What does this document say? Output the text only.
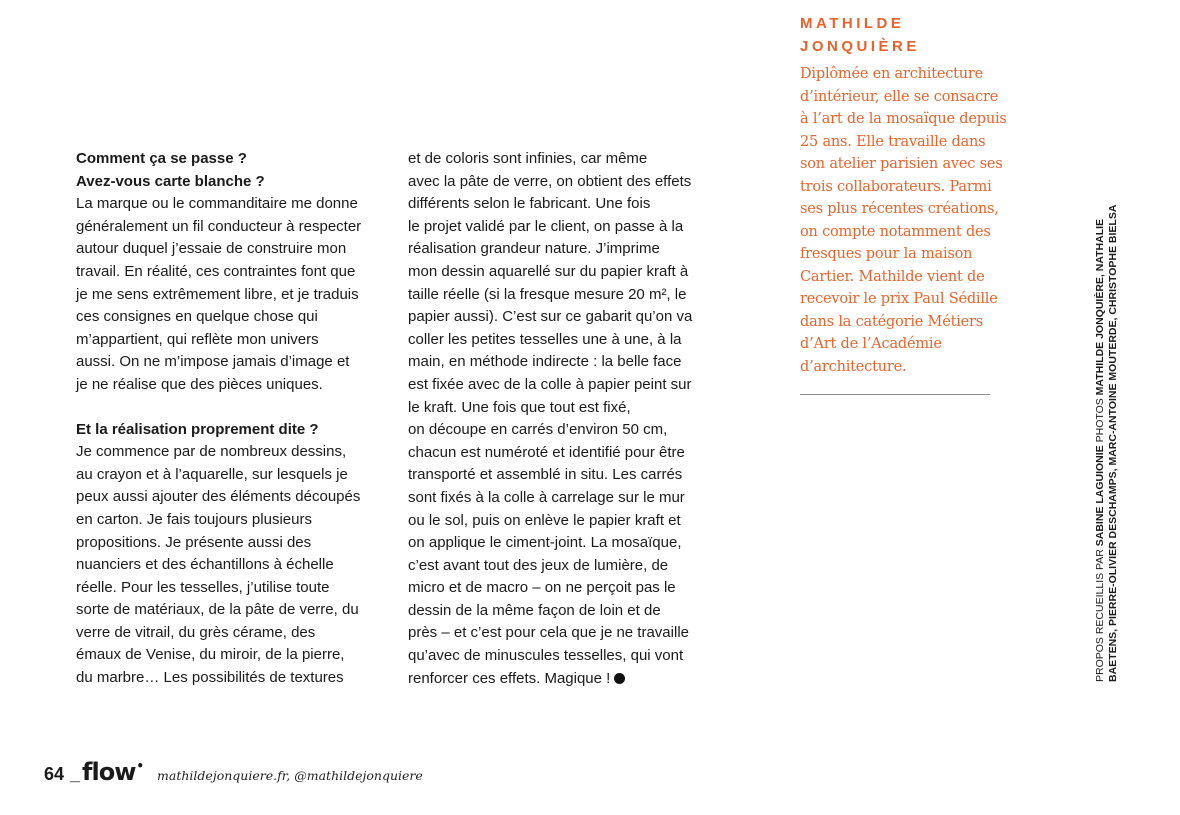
Comment ça se passe ?

Avez-vous carte blanche ?

La marque ou le commanditaire me donne

généralement un fil conducteur à respecter

autour duquel j’essaie de construire mon

travail. En réalité, ces contraintes font que

je me sens extrêmement libre, et je traduis

ces consignes en quelque chose qui

m’appartient, qui reflète mon univers

aussi. On ne m’impose jamais d’image et

je ne réalise que des pièces uniques.

Et la réalisation proprement dite ?

Je commence par de nombreux dessins,

au crayon et à l’aquarelle, sur lesquels je

peux aussi ajouter des éléments découpés

en carton. Je fais toujours plusieurs

propositions. Je présente aussi des

nuanciers et des échantillons à échelle

réelle. Pour les tesselles, j’utilise toute

sorte de matériaux, de la pâte de verre, du

verre de vitrail, du grès cérame, des

émaux de Venise, du miroir, de la pierre,

du marbre… Les possibilités de textures

et de coloris sont infinies, car même

avec la pâte de verre, on obtient des effets

différents selon le fabricant. Une fois

le projet validé par le client, on passe à la

réalisation grandeur nature. J’imprime

mon dessin aquarellé sur du papier kraft à

taille réelle (si la fresque mesure 20 m², le

papier aussi). C’est sur ce gabarit qu’on va

coller les petites tesselles une à une, à la

main, en méthode indirecte : la belle face

est fixée avec de la colle à papier peint sur

le kraft. Une fois que tout est fixé,

on découpe en carrés d’environ 50 cm,

chacun est numéroté et identifié pour être

transporté et assemblé in situ. Les carrés

sont fixés à la colle à carrelage sur le mur

ou le sol, puis on enlève le papier kraft et

on applique le ciment-joint. La mosaïque,

c’est avant tout des jeux de lumière, de

micro et de macro – on ne perçoit pas le

dessin de la même façon de loin et de

près – et c’est pour cela que je ne travaille

qu’avec de minuscules tesselles, qui vont

renforcer ces effets. Magique !

MATHILDE

JONQUIÈRE

Diplômée en architecture
d’intérieur, elle se consacre
à l’art de la mosaïque depuis
25 ans. Elle travaille dans
son atelier parisien avec ses
trois collaborateurs. Parmi
ses plus récentes créations,
on compte notamment des
fresques pour la maison
Cartier. Mathilde vient de
recevoir le prix Paul Sédille
dans la catégorie Métiers
d’Art de l’Académie
d’architecture.
PROPOS RECUEILLIS PAR SABINE LAGUIONIE PHOTOS MATHILDE JONQUIÈRE, NATHALIE BAETENS, PIERRE-OLIVIER DESCHAMPS, MARC-ANTOINE MOUTERDE, CHRISTOPHE BIELSA
64 _ flow•
mathildejonquiere.fr, @mathildejonquiere
